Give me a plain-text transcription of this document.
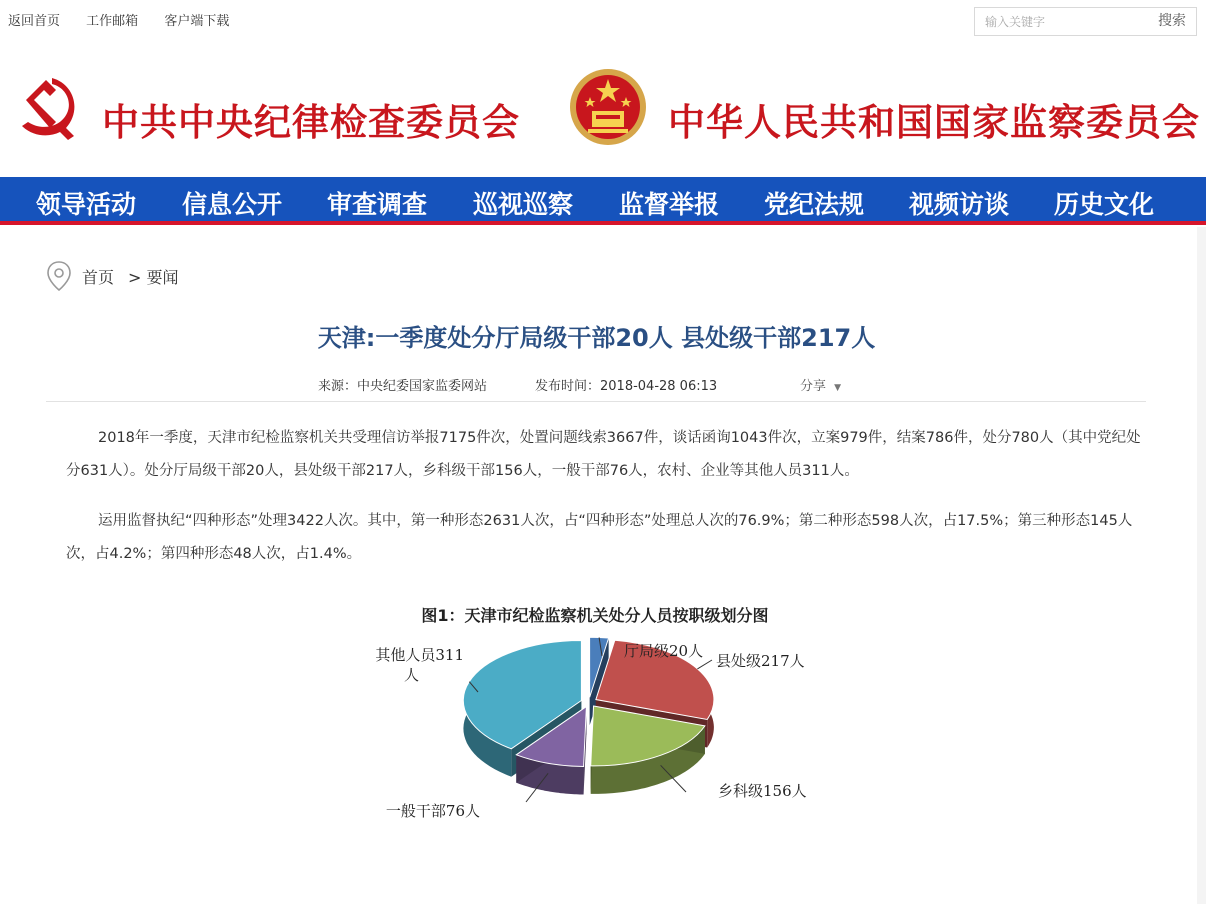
返回首页 工作邮箱 客户端下载
输入关键字	搜索
中共中央纪律检查委员会	中华人民共和国国家监察委员会
领导活动 信息公开 审查调查 巡视巡察 监督举报 党纪法规 视频访谈 历史文化
首页 > 要闻
天津:一季度处分厅局级干部20人 县处级干部217人
来源：中央纪委国家监委网站	发布时间：2018-04-28 06:13	分享 ▼
2018年一季度，天津市纪检监察机关共受理信访举报7175件次，处置问题线索3667件，谈话函询1043件次，立案979件，结案786件，处分780人（其中党纪处分631人）。处分厅局级干部20人，县处级干部217人，乡科级干部156人，一般干部76人，农村、企业等其他人员311人。
运用监督执纪“四种形态”处理3422人次。其中，第一种形态2631人次，占“四种形态”处理总人次的76.9%；第二种形态598人次，占17.5%；第三种形态145人次，占4.2%；第四种形态48人次，占1.4%。
图1：天津市纪检监察机关处分人员按职级划分图
厅局级20人
县处级217人
乡科级156人
一般干部76人
其他人员311 人
